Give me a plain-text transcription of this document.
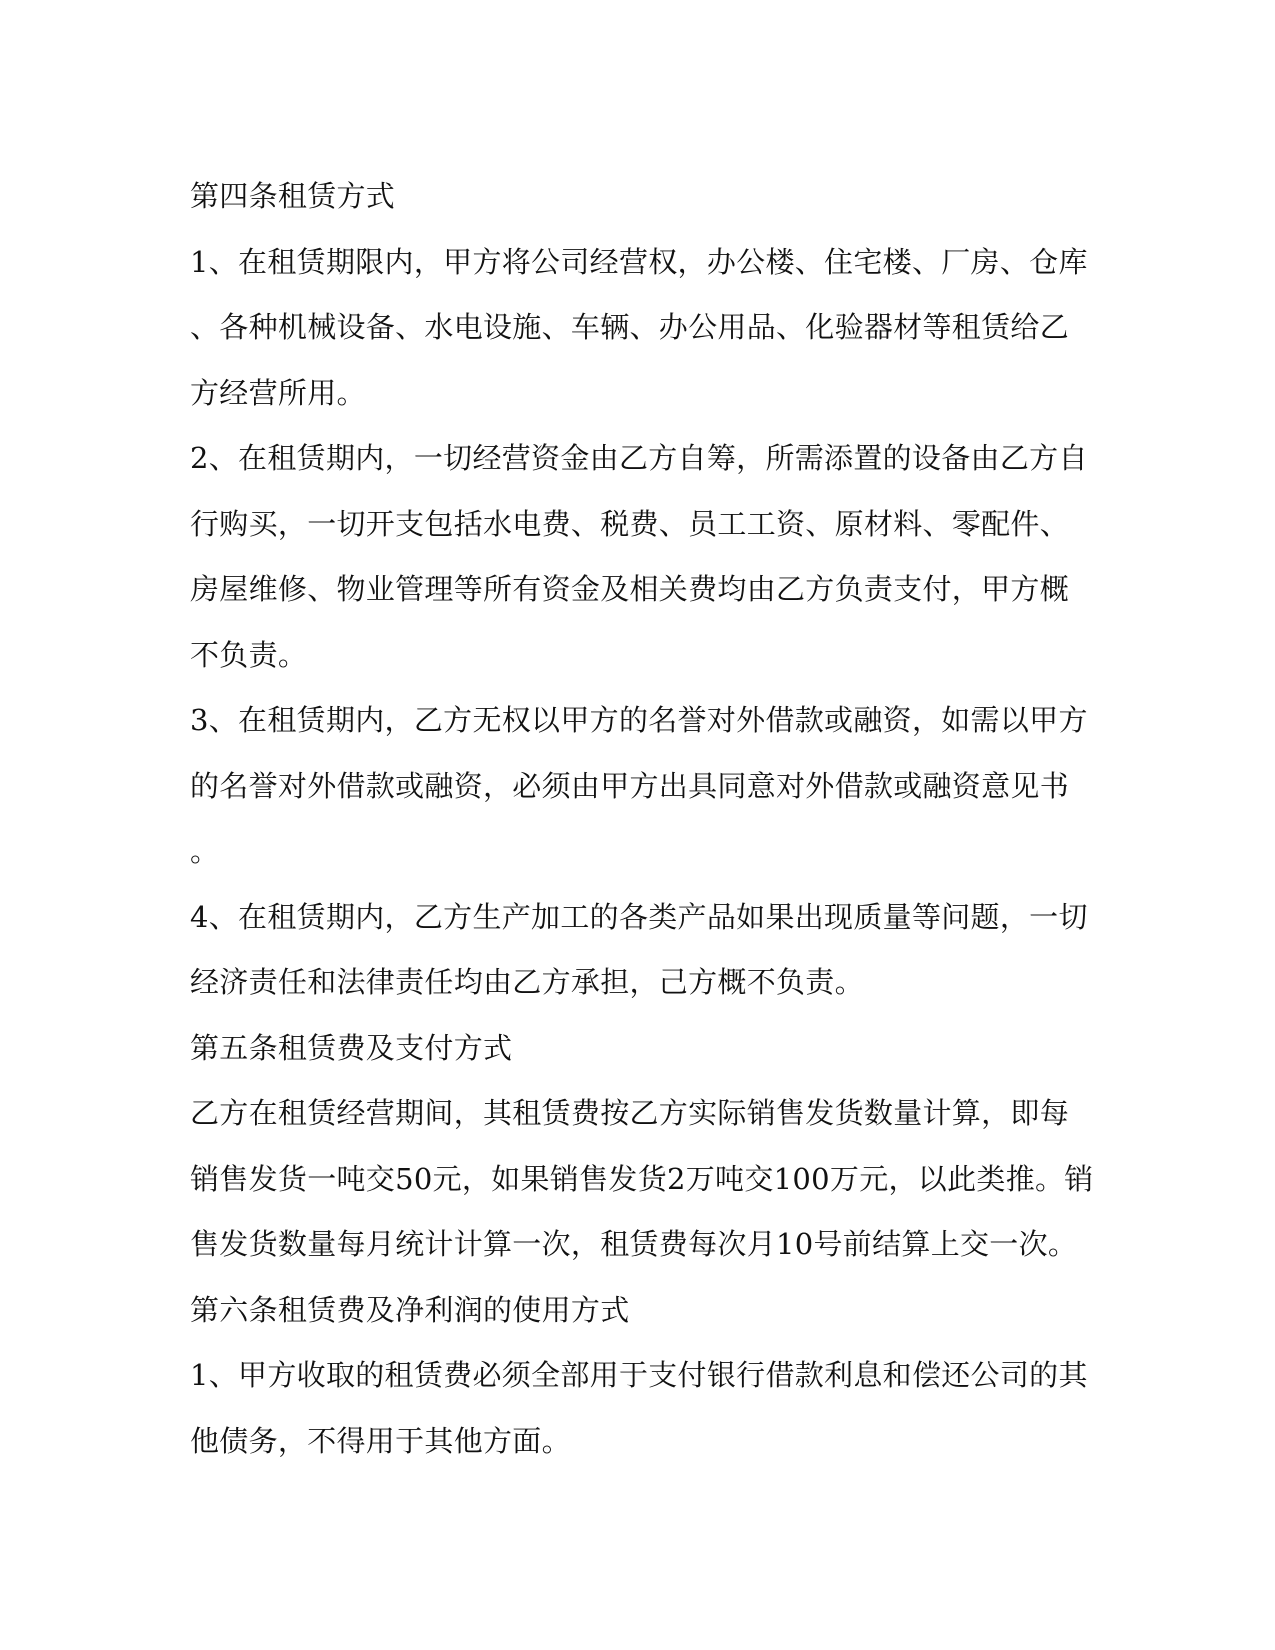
第四条租赁方式
1、在租赁期限内，甲方将公司经营权，办公楼、住宅楼、厂房、仓库
、各种机械设备、水电设施、车辆、办公用品、化验器材等租赁给乙
方经营所用。
2、在租赁期内，一切经营资金由乙方自筹，所需添置的设备由乙方自
行购买，一切开支包括水电费、税费、员工工资、原材料、零配件、
房屋维修、物业管理等所有资金及相关费均由乙方负责支付，甲方概
不负责。
3、在租赁期内，乙方无权以甲方的名誉对外借款或融资，如需以甲方
的名誉对外借款或融资，必须由甲方出具同意对外借款或融资意见书
。
4、在租赁期内，乙方生产加工的各类产品如果出现质量等问题，一切
经济责任和法律责任均由乙方承担，己方概不负责。
第五条租赁费及支付方式
乙方在租赁经营期间，其租赁费按乙方实际销售发货数量计算，即每
销售发货一吨交50元，如果销售发货2万吨交100万元，以此类推。销
售发货数量每月统计计算一次，租赁费每次月10号前结算上交一次。
第六条租赁费及净利润的使用方式
1、甲方收取的租赁费必须全部用于支付银行借款利息和偿还公司的其
他债务，不得用于其他方面。
